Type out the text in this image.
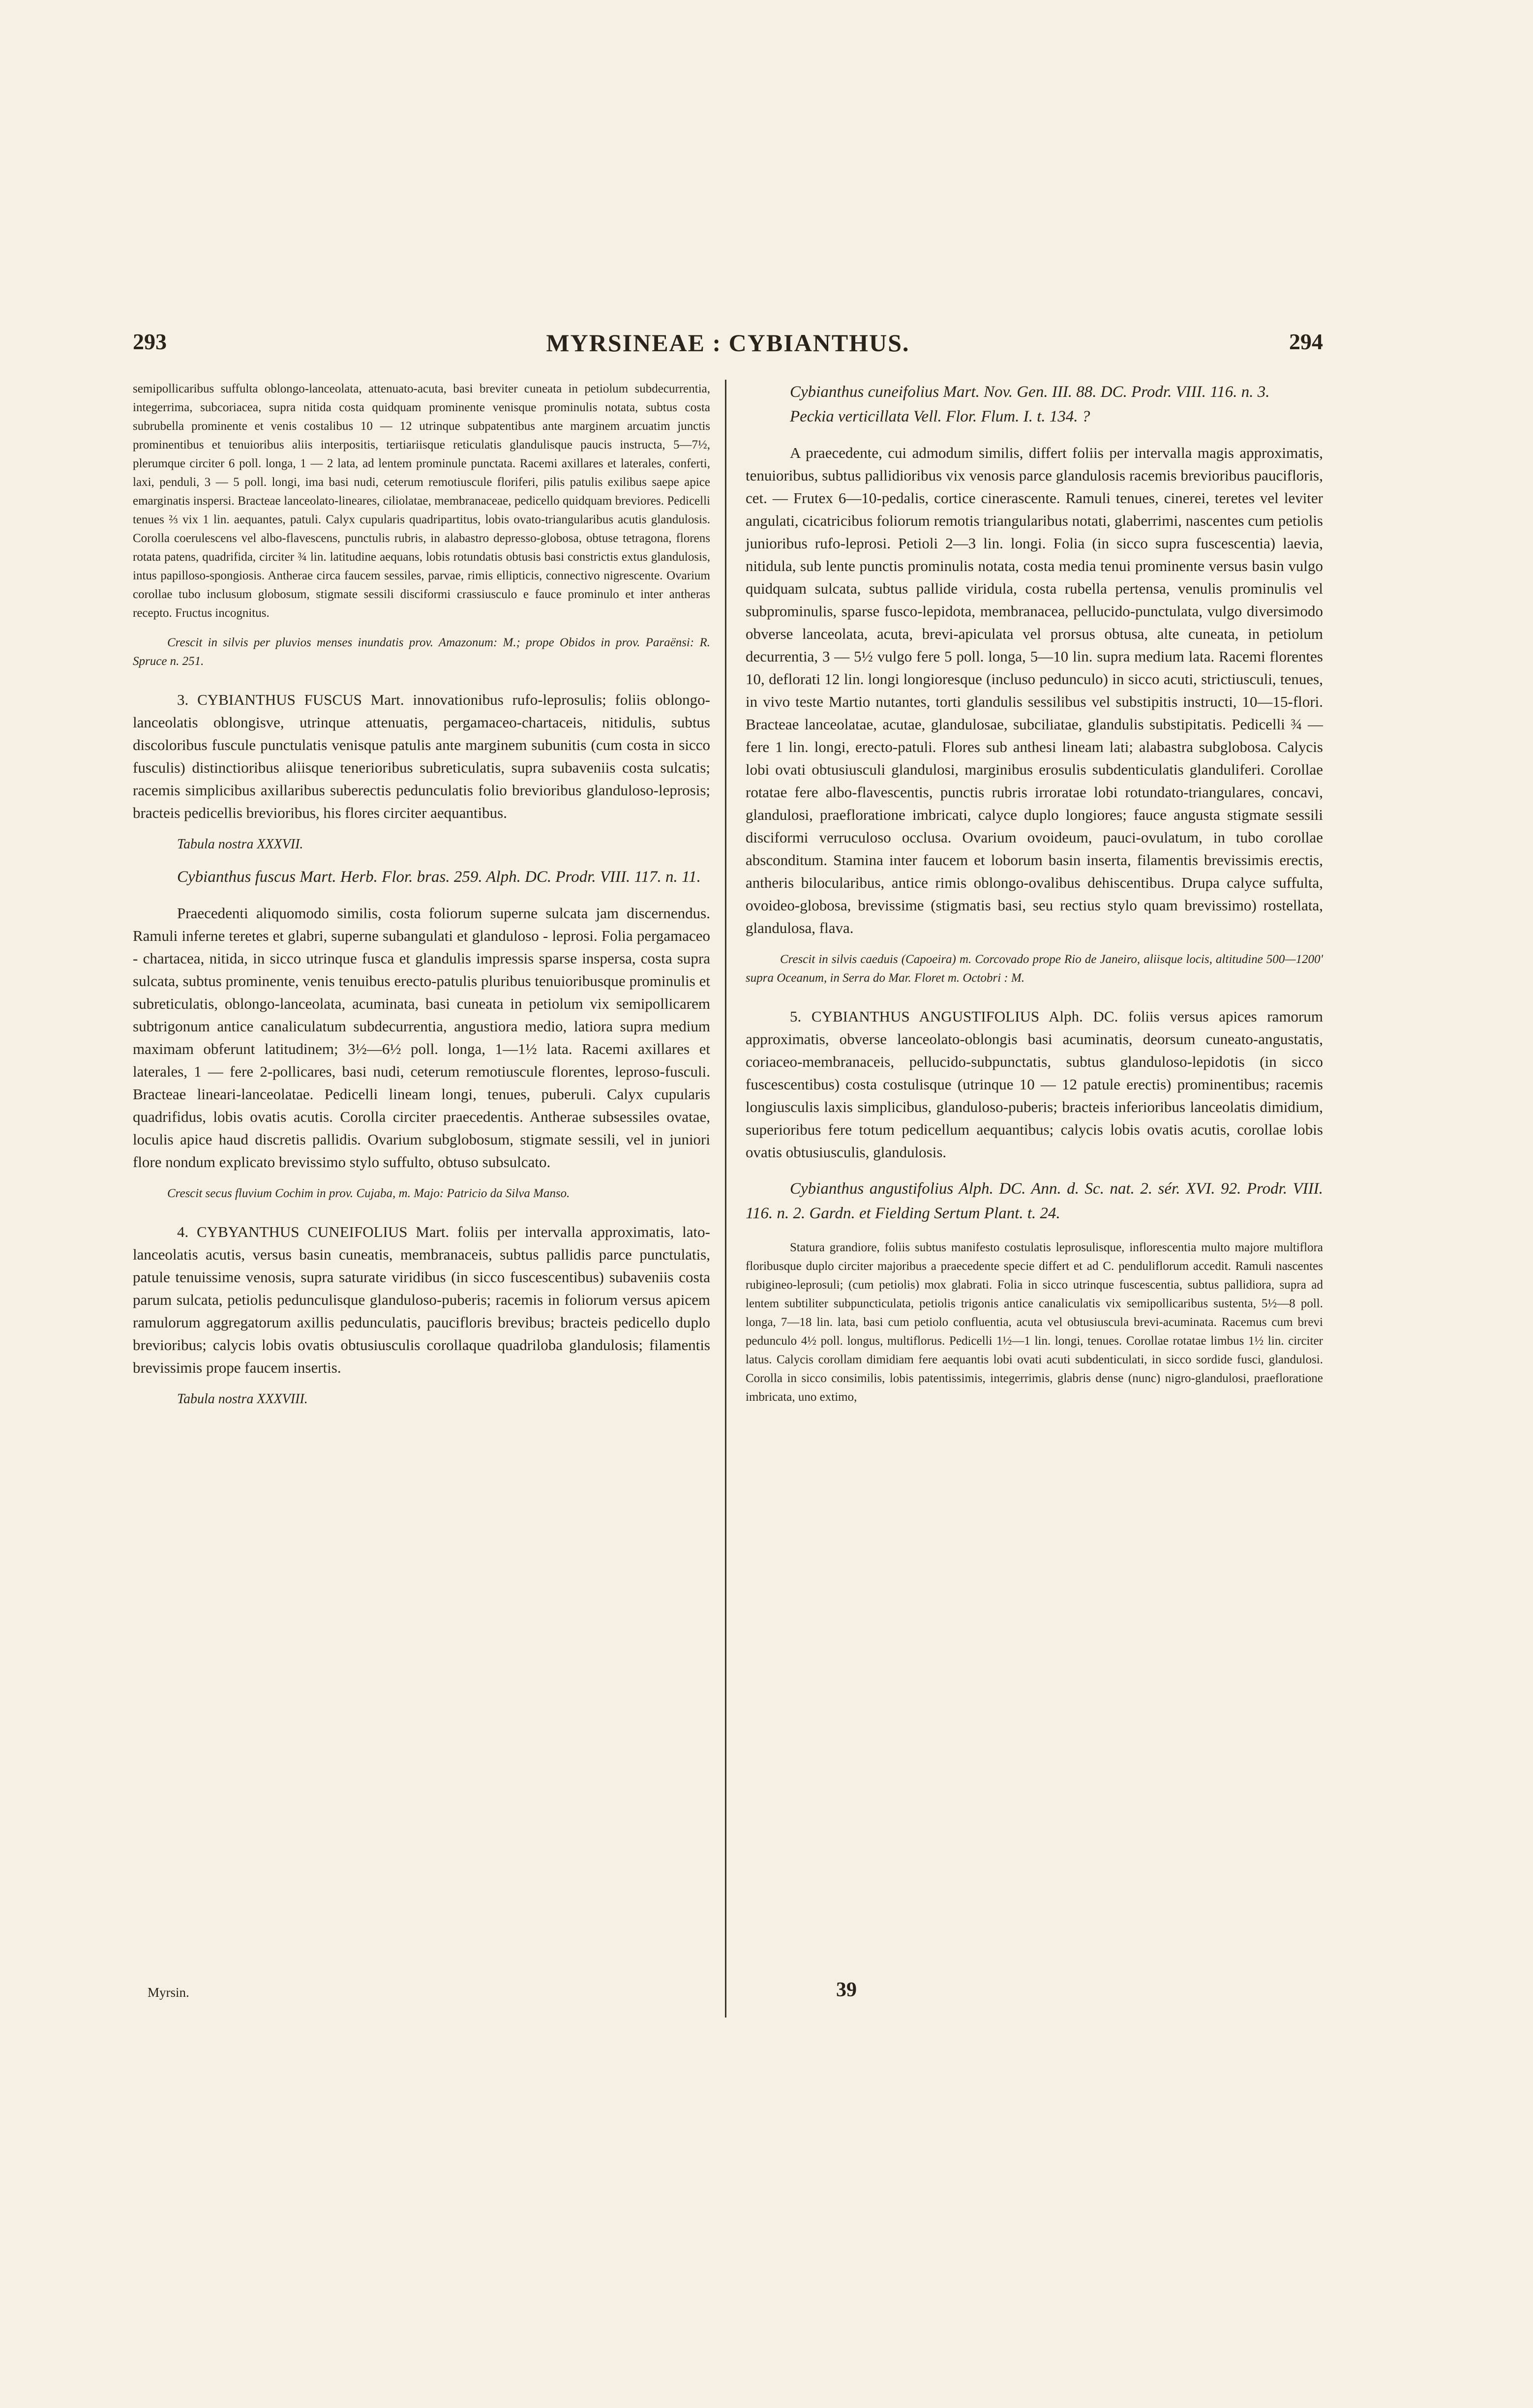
293	MYRSINEAE : CYBIANTHUS.	294

semipollicaribus suffulta oblongo-lanceolata, attenuato-acuta, basi breviter cuneata in petiolum subdecurrentia, integerrima, subcoriacea, supra nitida costa quidquam prominente venisque prominulis notata, subtus costa subrubella prominente et venis costalibus 10 — 12 utrinque subpatentibus ante marginem arcuatim junctis prominentibus et tenuioribus aliis interpositis, tertiariisque reticulatis glandulisque paucis instructa, 5—7½, plerumque circiter 6 poll. longa, 1 — 2 lata, ad lentem prominule punctata. Racemi axillares et laterales, conferti, laxi, penduli, 3 — 5 poll. longi, ima basi nudi, ceterum remotiuscule floriferi, pilis patulis exilibus saepe apice emarginatis inspersi. Bracteae lanceolato-lineares, ciliolatae, membranaceae, pedicello quidquam breviores. Pedicelli tenues ⅔ vix 1 lin. aequantes, patuli. Calyx cupularis quadripartitus, lobis ovato-triangularibus acutis glandulosis. Corolla coerulescens vel albo-flavescens, punctulis rubris, in alabastro depresso-globosa, obtuse tetragona, florens rotata patens, quadrifida, circiter ¾ lin. latitudine aequans, lobis rotundatis obtusis basi constrictis extus glandulosis, intus papilloso-spongiosis. Antherae circa faucem sessiles, parvae, rimis ellipticis, connectivo nigrescente. Ovarium corollae tubo inclusum globosum, stigmate sessili disciformi crassiusculo e fauce prominulo et inter antheras recepto. Fructus incognitus.

Crescit in silvis per pluvios menses inundatis prov. Amazonum: M.; prope Obidos in prov. Paraënsi: R. Spruce n. 251.

3. CYBIANTHUS FUSCUS Mart. innovationibus rufo-leprosulis; foliis oblongo-lanceolatis oblongisve, utrinque attenuatis, pergamaceo-chartaceis, nitidulis, subtus discoloribus fuscule punctulatis venisque patulis ante marginem subunitis (cum costa in sicco fusculis) distinctioribus aliisque tenerioribus subreticulatis, supra subaveniis costa sulcatis; racemis simplicibus axillaribus suberectis pedunculatis folio brevioribus glanduloso-leprosis; bracteis pedicellis brevioribus, his flores circiter aequantibus.

Tabula nostra XXXVII.

Cybianthus fuscus Mart. Herb. Flor. bras. 259. Alph. DC. Prodr. VIII. 117. n. 11.

Praecedenti aliquomodo similis, costa foliorum superne sulcata jam discernendus. Ramuli inferne teretes et glabri, superne subangulati et glanduloso - leprosi. Folia pergamaceo - chartacea, nitida, in sicco utrinque fusca et glandulis impressis sparse inspersa, costa supra sulcata, subtus prominente, venis tenuibus erecto-patulis pluribus tenuioribusque prominulis et subreticulatis, oblongo-lanceolata, acuminata, basi cuneata in petiolum vix semipollicarem subtrigonum antice canaliculatum subdecurrentia, angustiora medio, latiora supra medium maximam obferunt latitudinem; 3½—6½ poll. longa, 1—1½ lata. Racemi axillares et laterales, 1 — fere 2-pollicares, basi nudi, ceterum remotiuscule florentes, leproso-fusculi. Bracteae lineari-lanceolatae. Pedicelli lineam longi, tenues, puberuli. Calyx cupularis quadrifidus, lobis ovatis acutis. Corolla circiter praecedentis. Antherae subsessiles ovatae, loculis apice haud discretis pallidis. Ovarium subglobosum, stigmate sessili, vel in juniori flore nondum explicato brevissimo stylo suffulto, obtuso subsulcato.

Crescit secus fluvium Cochim in prov. Cujaba, m. Majo: Patricio da Silva Manso.

4. CYBYANTHUS CUNEIFOLIUS Mart. foliis per intervalla approximatis, lato-lanceolatis acutis, versus basin cuneatis, membranaceis, subtus pallidis parce punctulatis, patule tenuissime venosis, supra saturate viridibus (in sicco fuscescentibus) subaveniis costa parum sulcata, petiolis pedunculisque glanduloso-puberis; racemis in foliorum versus apicem ramulorum aggregatorum axillis pedunculatis, paucifloris brevibus; bracteis pedicello duplo brevioribus; calycis lobis ovatis obtusiusculis corollaque quadriloba glandulosis; filamentis brevissimis prope faucem insertis.

Tabula nostra XXXVIII.

Cybianthus cuneifolius Mart. Nov. Gen. III. 88. DC. Prodr. VIII. 116. n. 3.

Peckia verticillata Vell. Flor. Flum. I. t. 134. ?

A praecedente, cui admodum similis, differt foliis per intervalla magis approximatis, tenuioribus, subtus pallidioribus vix venosis parce glandulosis racemis brevioribus paucifloris, cet. — Frutex 6—10-pedalis, cortice cinerascente. Ramuli tenues, cinerei, teretes vel leviter angulati, cicatricibus foliorum remotis triangularibus notati, glaberrimi, nascentes cum petiolis junioribus rufo-leprosi. Petioli 2—3 lin. longi. Folia (in sicco supra fuscescentia) laevia, nitidula, sub lente punctis prominulis notata, costa media tenui prominente versus basin vulgo quidquam sulcata, subtus pallide viridula, costa rubella pertensa, venulis prominulis vel subprominulis, sparse fusco-lepidota, membranacea, pellucido-punctulata, vulgo diversimodo obverse lanceolata, acuta, brevi-apiculata vel prorsus obtusa, alte cuneata, in petiolum decurrentia, 3 — 5½ vulgo fere 5 poll. longa, 5—10 lin. supra medium lata. Racemi florentes 10, deflorati 12 lin. longi longioresque (incluso pedunculo) in sicco acuti, strictiusculi, tenues, in vivo teste Martio nutantes, torti glandulis sessilibus vel substipitis instructi, 10—15-flori. Bracteae lanceolatae, acutae, glandulosae, subciliatae, glandulis substipitatis. Pedicelli ¾ — fere 1 lin. longi, erecto-patuli. Flores sub anthesi lineam lati; alabastra subglobosa. Calycis lobi ovati obtusiusculi glandulosi, marginibus erosulis subdenticulatis glanduliferi. Corollae rotatae fere albo-flavescentis, punctis rubris irroratae lobi rotundato-triangulares, concavi, glandulosi, praefloratione imbricati, calyce duplo longiores; fauce angusta stigmate sessili disciformi verruculoso occlusa. Ovarium ovoideum, pauci-ovulatum, in tubo corollae absconditum. Stamina inter faucem et loborum basin inserta, filamentis brevissimis erectis, antheris bilocularibus, antice rimis oblongo-ovalibus dehiscentibus. Drupa calyce suffulta, ovoideo-globosa, brevissime (stigmatis basi, seu rectius stylo quam brevissimo) rostellata, glandulosa, flava.

Crescit in silvis caeduis (Capoeira) m. Corcovado prope Rio de Janeiro, aliisque locis, altitudine 500—1200' supra Oceanum, in Serra do Mar. Floret m. Octobri : M.

5. CYBIANTHUS ANGUSTIFOLIUS Alph. DC. foliis versus apices ramorum approximatis, obverse lanceolato-oblongis basi acuminatis, deorsum cuneato-angustatis, coriaceo-membranaceis, pellucido-subpunctatis, subtus glanduloso-lepidotis (in sicco fuscescentibus) costa costulisque (utrinque 10 — 12 patule erectis) prominentibus; racemis longiusculis laxis simplicibus, glanduloso-puberis; bracteis inferioribus lanceolatis dimidium, superioribus fere totum pedicellum aequantibus; calycis lobis ovatis acutis, corollae lobis ovatis obtusiusculis, glandulosis.

Cybianthus angustifolius Alph. DC. Ann. d. Sc. nat. 2. sér. XVI. 92. Prodr. VIII. 116. n. 2. Gardn. et Fielding Sertum Plant. t. 24.

Statura grandiore, foliis subtus manifesto costulatis leprosulisque, inflorescentia multo majore multiflora floribusque duplo circiter majoribus a praecedente specie differt et ad C. penduliflorum accedit. Ramuli nascentes rubigineo-leprosuli; (cum petiolis) mox glabrati. Folia in sicco utrinque fuscescentia, subtus pallidiora, supra ad lentem subtiliter subpuncticulata, petiolis trigonis antice canaliculatis vix semipollicaribus sustenta, 5½—8 poll. longa, 7—18 lin. lata, basi cum petiolo confluentia, acuta vel obtusiuscula brevi-acuminata. Racemus cum brevi pedunculo 4½ poll. longus, multiflorus. Pedicelli 1½—1 lin. longi, tenues. Corollae rotatae limbus 1½ lin. circiter latus. Calycis corollam dimidiam fere aequantis lobi ovati acuti subdenticulati, in sicco sordide fusci, glandulosi. Corolla in sicco consimilis, lobis patentissimis, integerrimis, glabris dense (nunc) nigro-glandulosi, praefloratione imbricata, uno extimo,

Myrsin.	39
